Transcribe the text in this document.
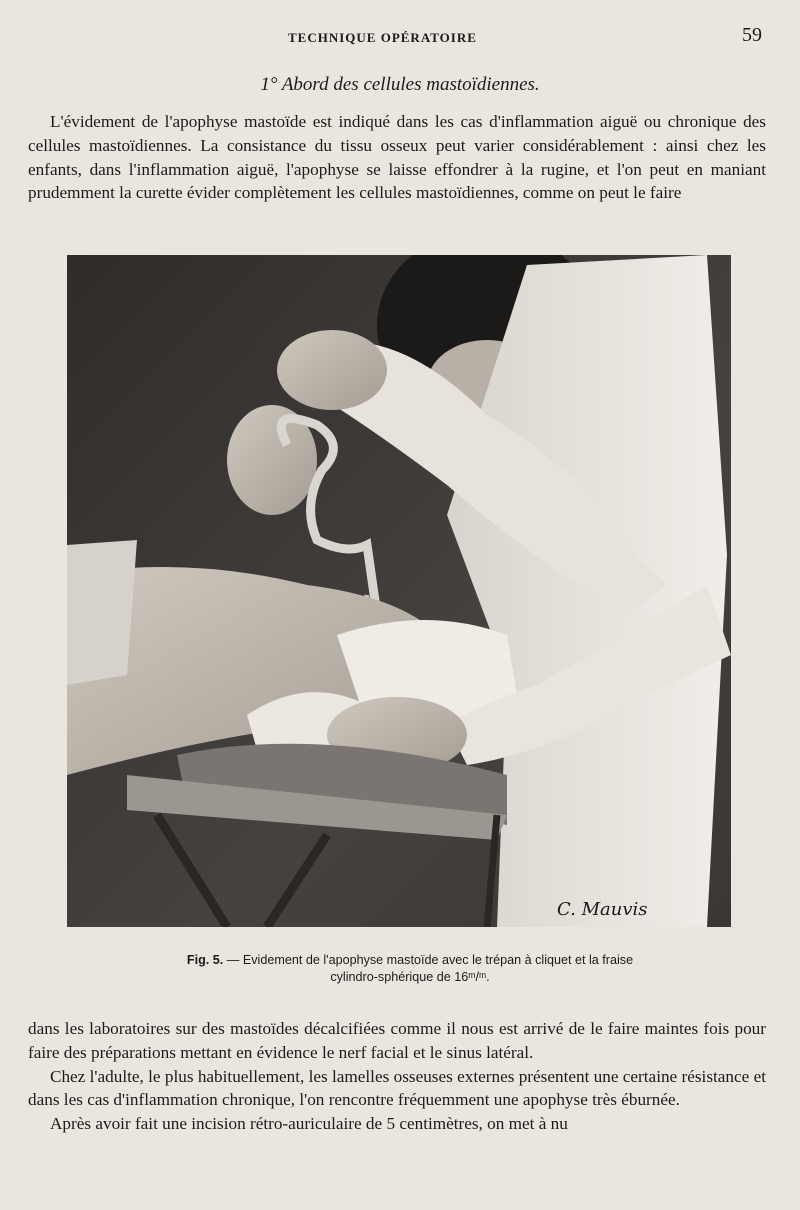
TECHNIQUE OPÉRATOIRE	59
1° Abord des cellules mastoïdiennes.

L'évidement de l'apophyse mastoïde est indiqué dans les cas d'inflammation aiguë ou chronique des cellules mastoïdiennes. La consistance du tissu osseux peut varier considérablement : ainsi chez les enfants, dans l'inflammation aiguë, l'apophyse se laisse effondrer à la rugine, et l'on peut en maniant prudemment la curette évider complètement les cellules mastoïdiennes, comme on peut le faire

C. Mauvis
Fig. 5. — Evidement de l'apophyse mastoïde avec le trépan à cliquet et la fraise
cylindro-sphérique de 16ᵐ/ᵐ.

dans les laboratoires sur des mastoïdes décalcifiées comme il nous est arrivé de le faire maintes fois pour faire des préparations mettant en évidence le nerf facial et le sinus latéral.

Chez l'adulte, le plus habituellement, les lamelles osseuses externes présentent une certaine résistance et dans les cas d'inflammation chronique, l'on rencontre fréquemment une apophyse très éburnée.

Après avoir fait une incision rétro-auriculaire de 5 centimètres, on met à nu
